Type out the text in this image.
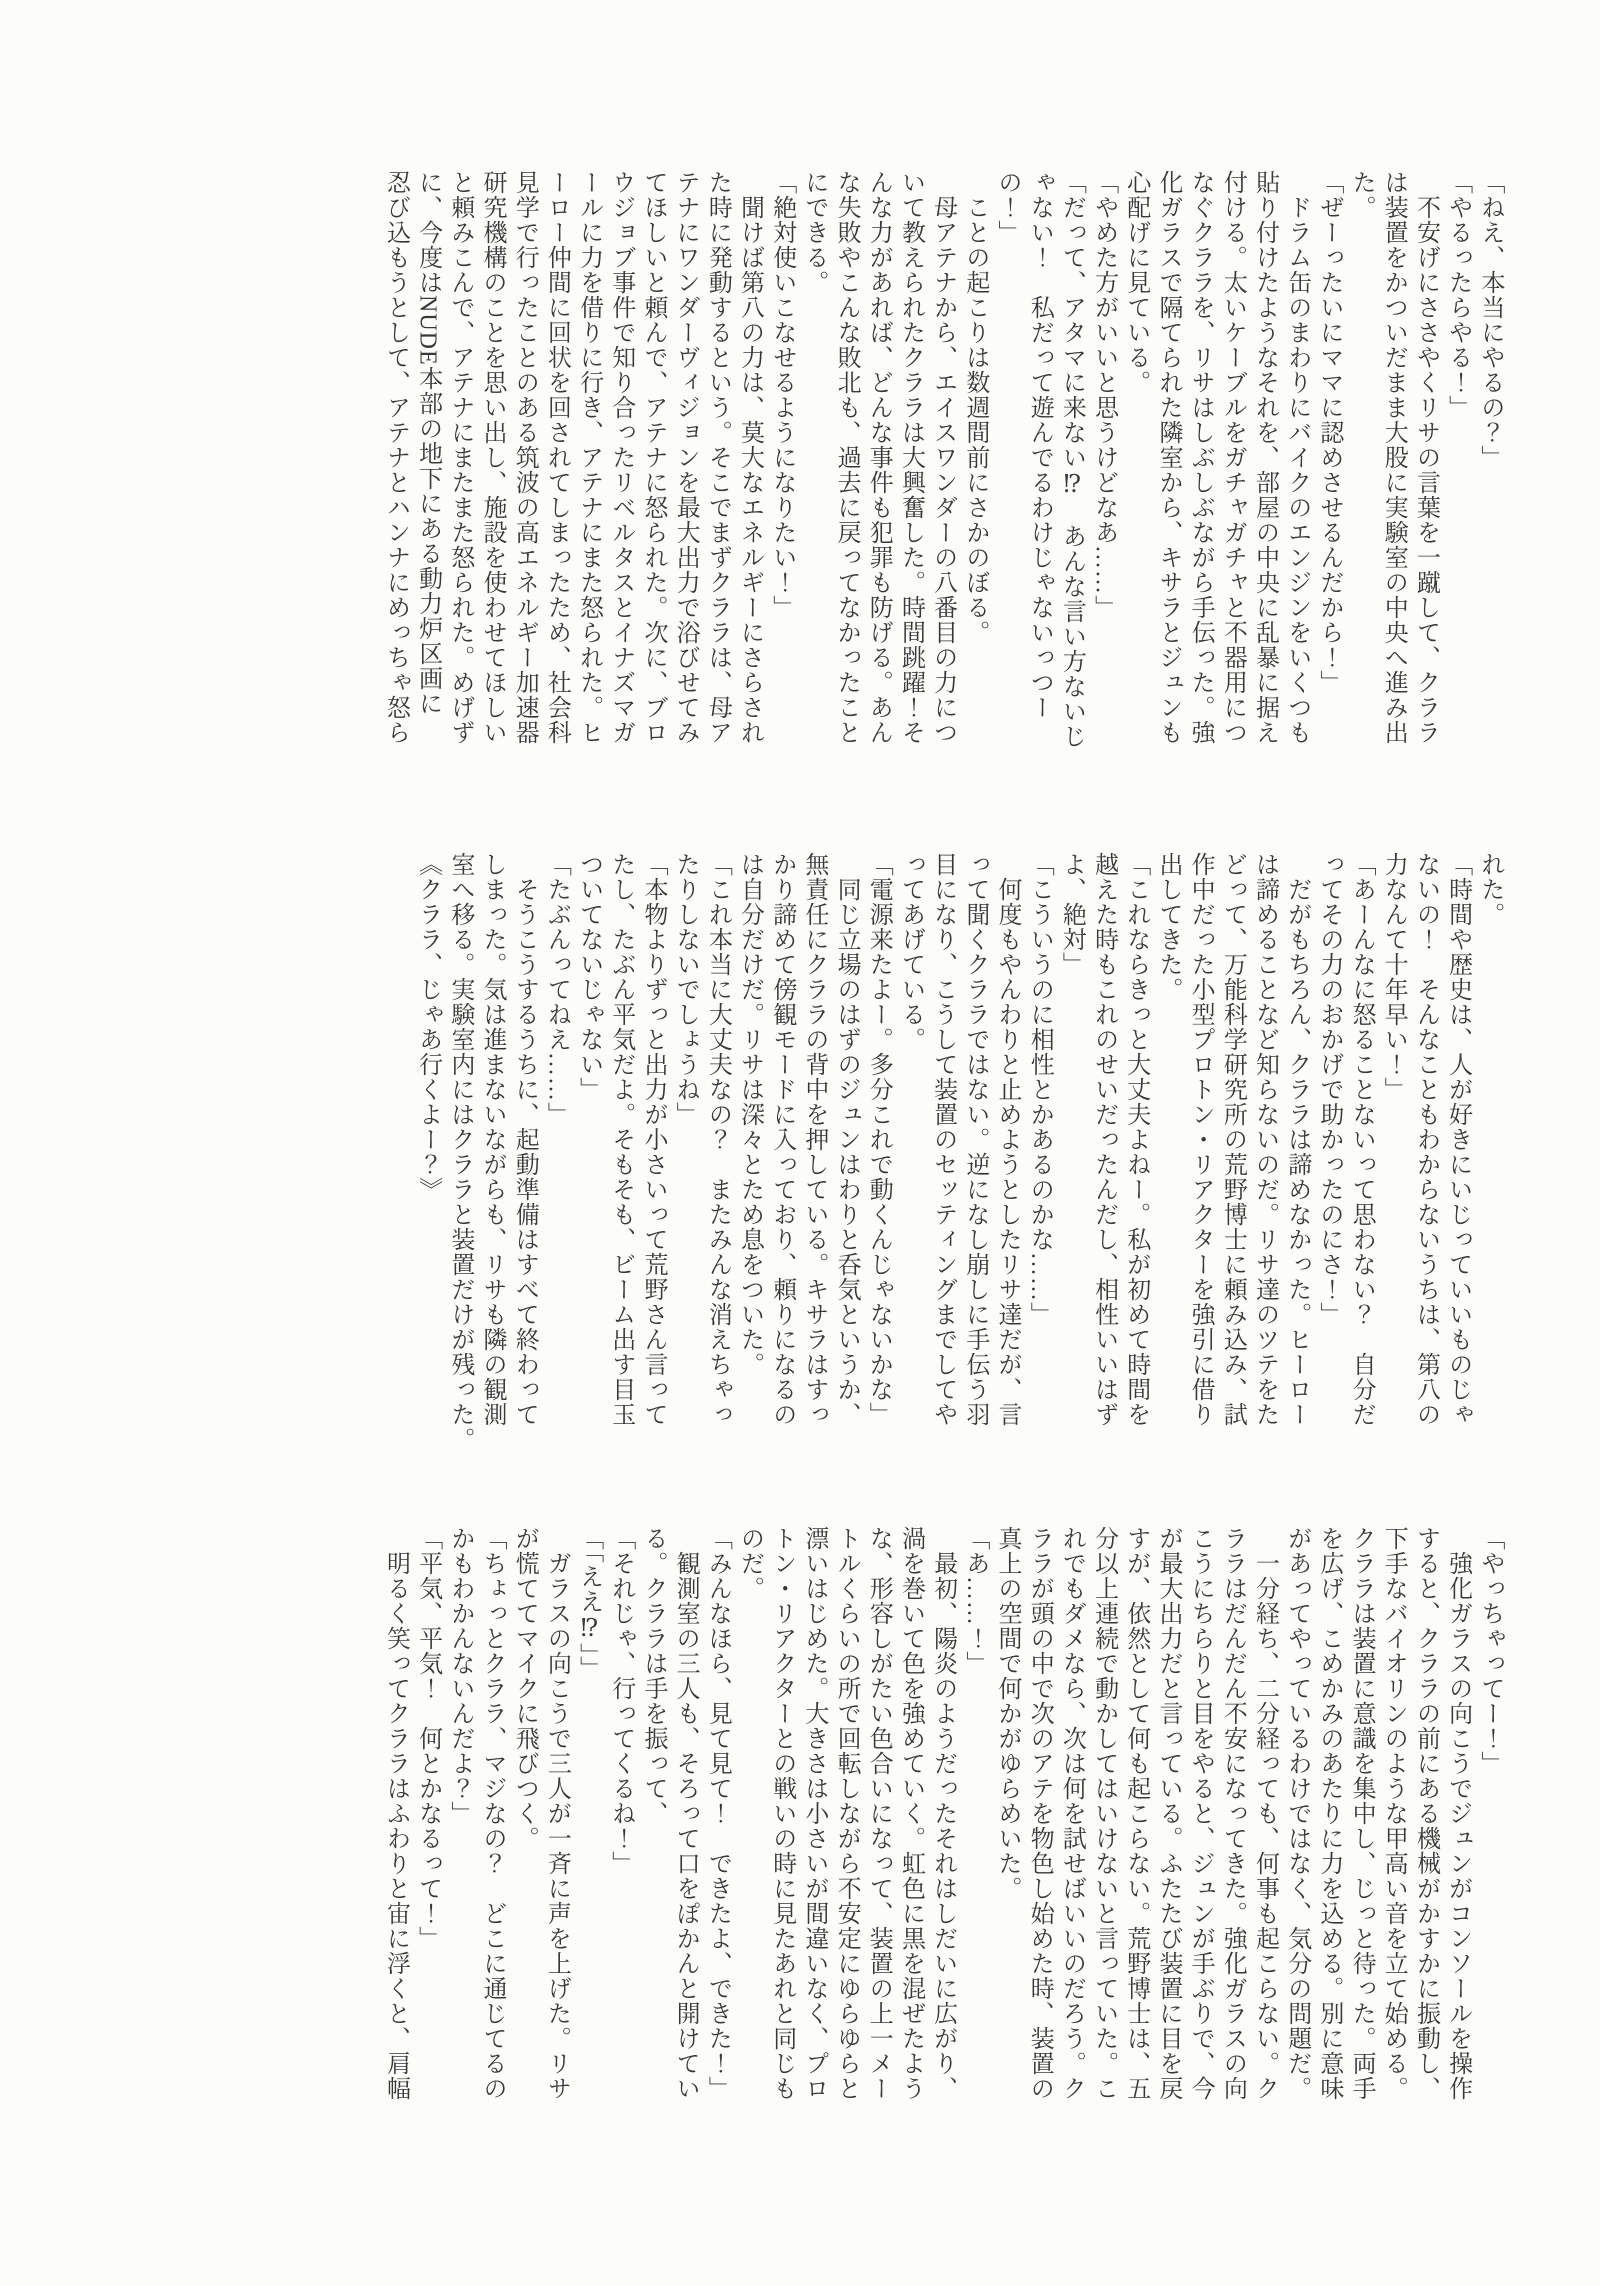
「ねえ、本当にやるの？」

「やるったらやる！」

　不安げにささやくリサの言葉を一蹴して、クララ

は装置をかついだまま大股に実験室の中央へ進み出

た。

「ぜーったいにママに認めさせるんだから！」

　ドラム缶のまわりにバイクのエンジンをいくつも

貼り付けたようなそれを、部屋の中央に乱暴に据え

付ける。太いケーブルをガチャガチャと不器用につ

なぐクララを、リサはしぶしぶながら手伝った。強

化ガラスで隔てられた隣室から、キサラとジュンも

心配げに見ている。

「やめた方がいいと思うけどなあ……」

「だって、アタマに来ない⁉　あんな言い方ないじ

ゃない！　私だって遊んでるわけじゃないっつー

の！」

　ことの起こりは数週間前にさかのぼる。

　母アテナから、エイスワンダーの八番目の力につ

いて教えられたクララは大興奮した。時間跳躍！そ

んな力があれば、どんな事件も犯罪も防げる。あん

な失敗やこんな敗北も、過去に戻ってなかったこと

にできる。

「絶対使いこなせるようになりたい！」

　聞けば第八の力は、莫大なエネルギーにさらされ

た時に発動するという。そこでまずクララは、母ア

テナにワンダーヴィジョンを最大出力で浴びせてみ

てほしいと頼んで、アテナに怒られた。次に、ブロ

ウジョブ事件で知り合ったリベルタスとイナズマガ

ールに力を借りに行き、アテナにまた怒られた。ヒ

ーロー仲間に回状を回されてしまったため、社会科

見学で行ったことのある筑波の高エネルギー加速器

研究機構のことを思い出し、施設を使わせてほしい

と頼みこんで、アテナにまたまた怒られた。めげず

に、今度はNUDE本部の地下にある動力炉区画に

忍び込もうとして、アテナとハンナにめっちゃ怒ら

れた。

「時間や歴史は、人が好きにいじっていいものじゃ

ないの！　そんなこともわからないうちは、第八の

力なんて十年早い！」

「あーんなに怒ることないって思わない？　自分だ

ってその力のおかげで助かったのにさ！」

　だがもちろん、クララは諦めなかった。ヒーロー

は諦めることなど知らないのだ。リサ達のツテをた

どって、万能科学研究所の荒野博士に頼み込み、試

作中だった小型プロトン・リアクターを強引に借り

出してきた。

「これならきっと大丈夫よねー。私が初めて時間を

越えた時もこれのせいだったんだし、相性いいはず

よ、絶対」

「こういうのに相性とかあるのかな……」

　何度もやんわりと止めようとしたリサ達だが、言

って聞くクララではない。逆になし崩しに手伝う羽

目になり、こうして装置のセッティングまでしてや

ってあげている。

「電源来たよー。多分これで動くんじゃないかな」

　同じ立場のはずのジュンはわりと呑気というか、

無責任にクララの背中を押している。キサラはすっ

かり諦めて傍観モードに入っており、頼りになるの

は自分だけだ。リサは深々とため息をついた。

「これ本当に大丈夫なの？　またみんな消えちゃっ

たりしないでしょうね」

「本物よりずっと出力が小さいって荒野さん言って

たし、たぶん平気だよ。そもそも、ビーム出す目玉

ついてないじゃない」

「たぶんってねえ……」

　そうこうするうちに、起動準備はすべて終わって

しまった。気は進まないながらも、リサも隣の観測

室へ移る。実験室内にはクララと装置だけが残った。

《クララ、じゃあ行くよー？》

「やっちゃってー！」

　強化ガラスの向こうでジュンがコンソールを操作

すると、クララの前にある機械がかすかに振動し、

下手なバイオリンのような甲高い音を立て始める。

クララは装置に意識を集中し、じっと待った。両手

を広げ、こめかみのあたりに力を込める。別に意味

があってやっているわけではなく、気分の問題だ。

　一分経ち、二分経っても、何事も起こらない。ク

ララはだんだん不安になってきた。強化ガラスの向

こうにちらりと目をやると、ジュンが手ぶりで、今

が最大出力だと言っている。ふたたび装置に目を戻

すが、依然として何も起こらない。荒野博士は、五

分以上連続で動かしてはいけないと言っていた。こ

れでもダメなら、次は何を試せばいいのだろう。ク

ララが頭の中で次のアテを物色し始めた時、装置の

真上の空間で何かがゆらめいた。

「あ……！」

　最初、陽炎のようだったそれはしだいに広がり、

渦を巻いて色を強めていく。虹色に黒を混ぜたよう

な、形容しがたい色合いになって、装置の上一メー

トルくらいの所で回転しながら不安定にゆらゆらと

漂いはじめた。大きさは小さいが間違いなく、プロ

トン・リアクターとの戦いの時に見たあれと同じも

のだ。

「みんなほら、見て見て！　できたよ、できた！」

　観測室の三人も、そろって口をぽかんと開けてい

る。クララは手を振って、

「それじゃ、行ってくるね！」

「「ええ⁉」」

　ガラスの向こうで三人が一斉に声を上げた。リサ

が慌ててマイクに飛びつく。

「ちょっとクララ、マジなの？　どこに通じてるの

かもわかんないんだよ？」

「平気、平気！　何とかなるって！」

　明るく笑ってクララはふわりと宙に浮くと、肩幅
